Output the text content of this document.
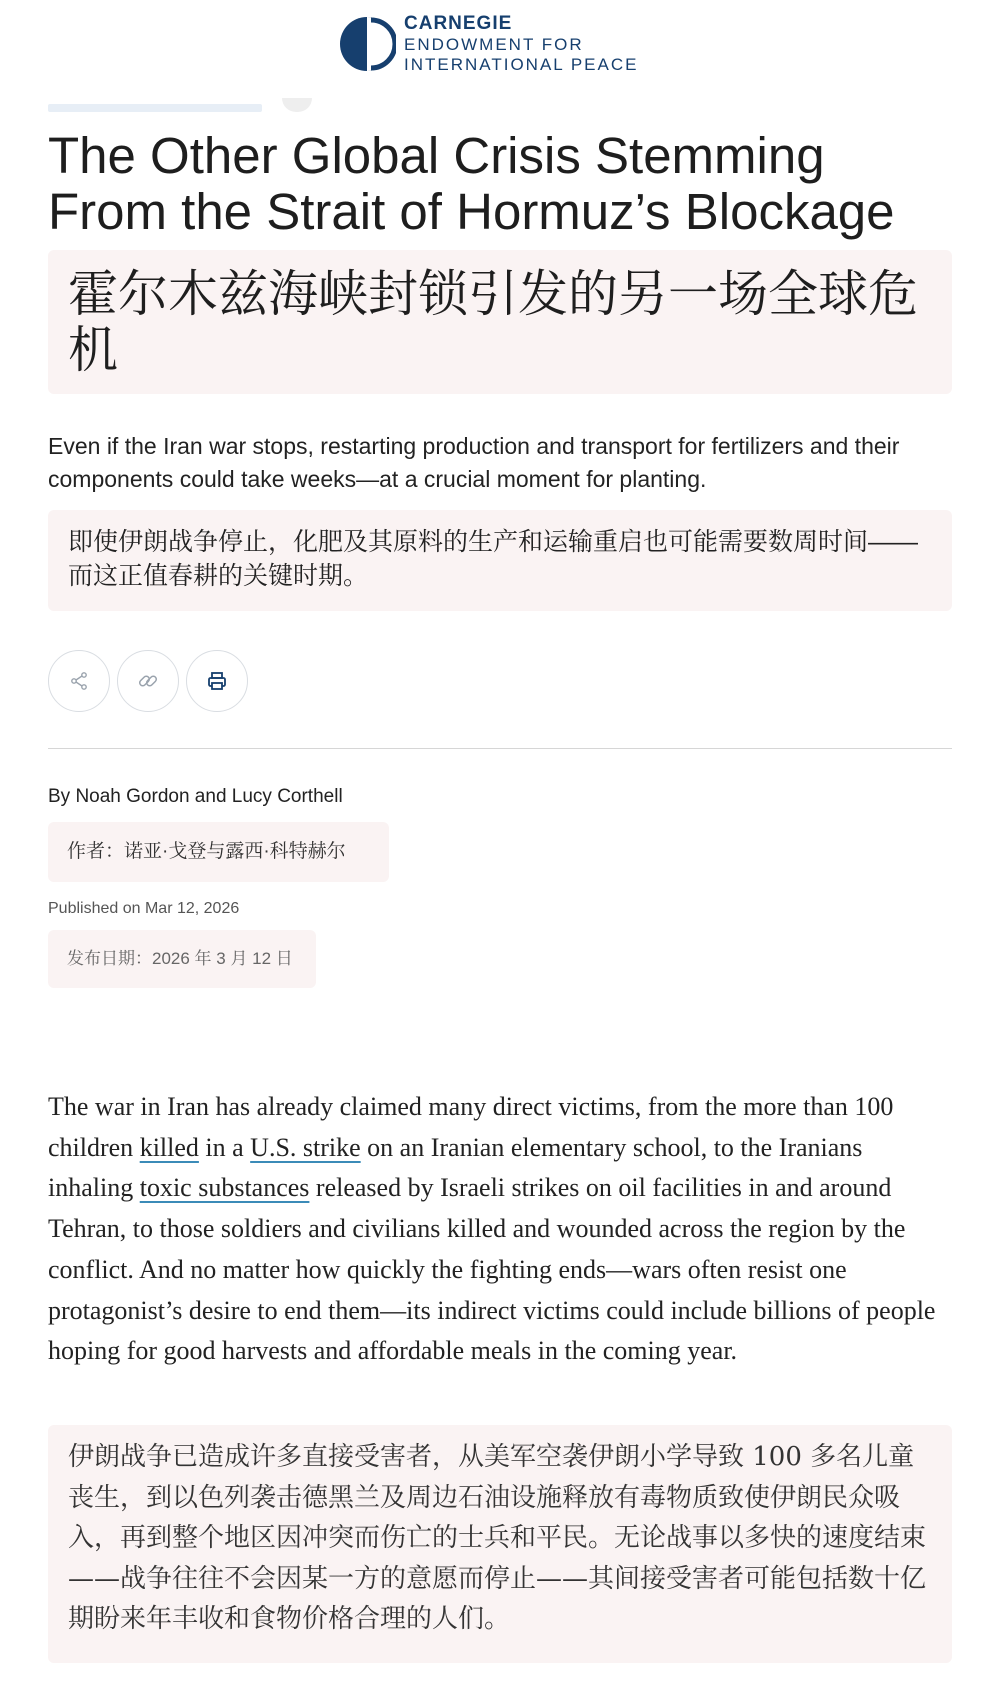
CARNEGIE
ENDOWMENT FOR
INTERNATIONAL PEACE
The Other Global Crisis Stemming From the Strait of Hormuz’s Blockage
霍尔木兹海峡封锁引发的另一场全球危机
Even if the Iran war stops, restarting production and transport for fertilizers and their components could take weeks—at a crucial moment for planting.
即使伊朗战争停止，化肥及其原料的生产和运输重启也可能需要数周时间——而这正值春耕的关键时期。
By Noah Gordon and Lucy Corthell
作者：诺亚·戈登与露西·科特赫尔
Published on Mar 12, 2026
发布日期：2026 年 3 月 12 日

The war in Iran has already claimed many direct victims, from the more than 100 children killed in a U.S. strike on an Iranian elementary school, to the Iranians inhaling toxic substances released by Israeli strikes on oil facilities in and around Tehran, to those soldiers and civilians killed and wounded across the region by the conflict. And no matter how quickly the fighting ends—wars often resist one protagonist’s desire to end them—its indirect victims could include billions of people hoping for good harvests and affordable meals in the coming year.

伊朗战争已造成许多直接受害者，从美军空袭伊朗小学导致 100 多名儿童丧生，到以色列袭击德黑兰及周边石油设施释放有毒物质致使伊朗民众吸入，再到整个地区因冲突而伤亡的士兵和平民。无论战事以多快的速度结束——战争往往不会因某一方的意愿而停止——其间接受害者可能包括数十亿期盼来年丰收和食物价格合理的人们。
